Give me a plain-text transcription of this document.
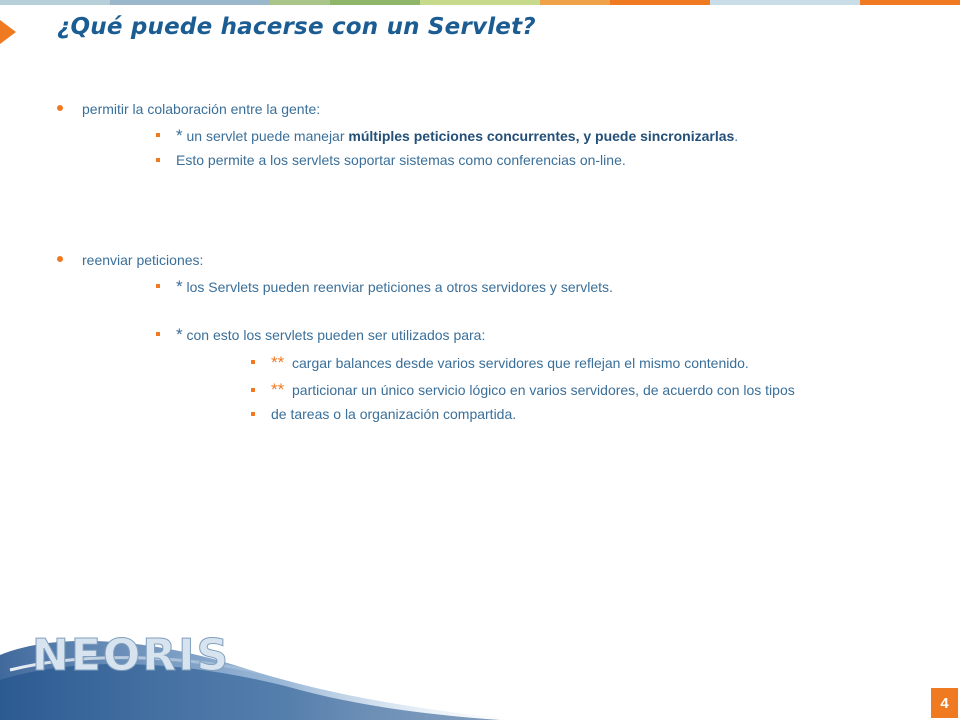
¿Qué puede hacerse con un Servlet?
permitir la colaboración entre la gente:
* un servlet puede manejar múltiples peticiones concurrentes, y puede sincronizarlas.
Esto permite a los servlets soportar sistemas como conferencias on-line.
reenviar peticiones:
* los Servlets pueden reenviar peticiones a otros servidores y servlets.
* con esto los servlets pueden ser utilizados para:
** cargar balances desde varios servidores que reflejan el mismo contenido.
** particionar un único servicio lógico en varios servidores, de acuerdo con los tipos
de tareas o la organización compartida.
NEORIS
4
